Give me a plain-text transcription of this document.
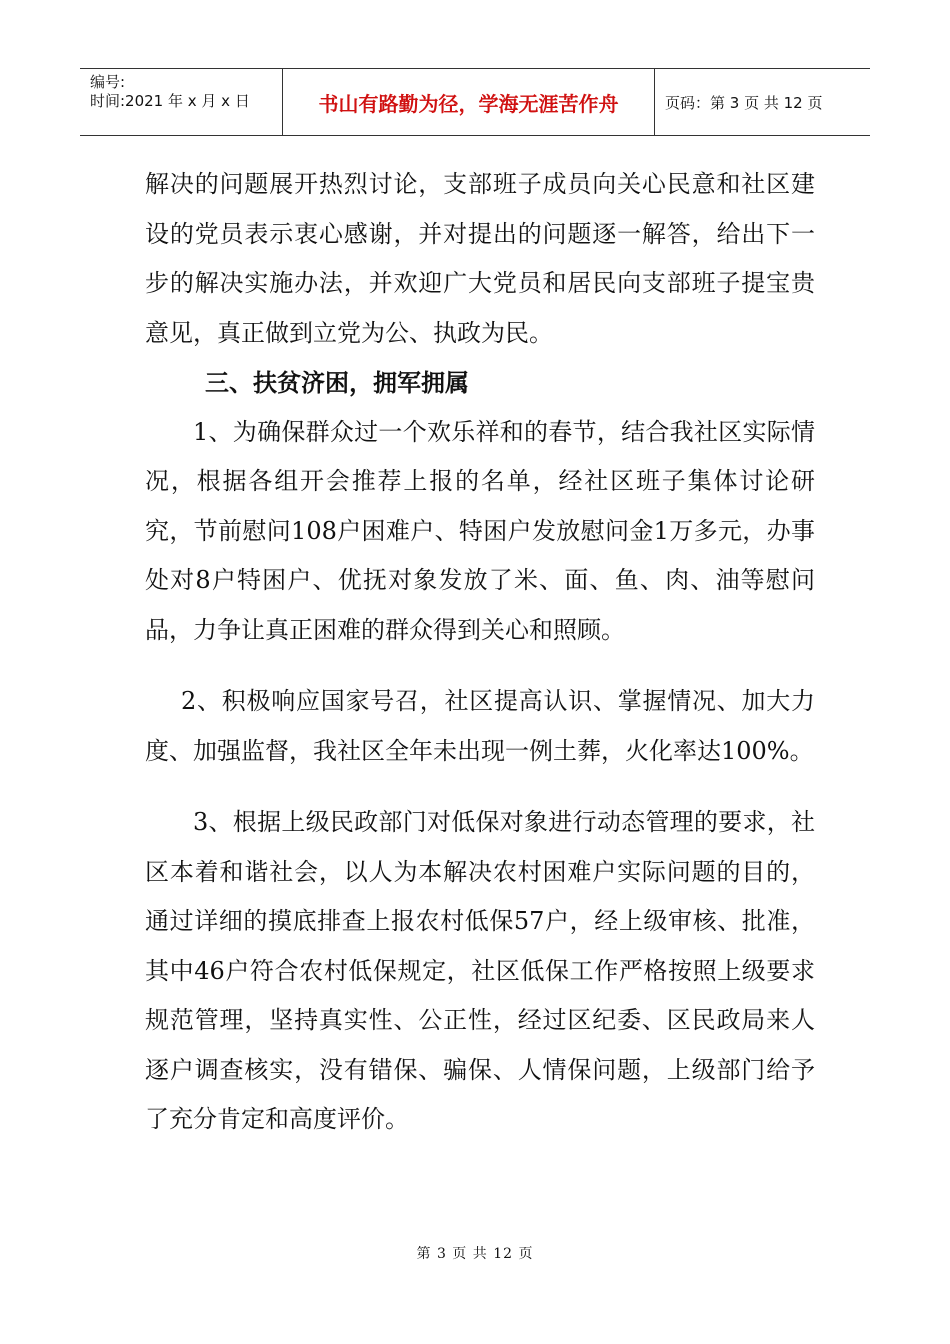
编号:
时间:2021 年 x 月 x 日	书山有路勤为径，学海无涯苦作舟	页码：第 3 页 共 12 页

解决的问题展开热烈讨论，支部班子成员向关心民意和社区建设的党员表示衷心感谢，并对提出的问题逐一解答，给出下一步的解决实施办法，并欢迎广大党员和居民向支部班子提宝贵意见，真正做到立党为公、执政为民。

三、扶贫济困，拥军拥属

1、为确保群众过一个欢乐祥和的春节，结合我社区实际情况，根据各组开会推荐上报的名单，经社区班子集体讨论研究，节前慰问108户困难户、特困户发放慰问金1万多元，办事处对8户特困户、优抚对象发放了米、面、鱼、肉、油等慰问品，力争让真正困难的群众得到关心和照顾。

2、积极响应国家号召，社区提高认识、掌握情况、加大力度、加强监督，我社区全年未出现一例土葬，火化率达100%。

3、根据上级民政部门对低保对象进行动态管理的要求，社区本着和谐社会，以人为本解决农村困难户实际问题的目的，通过详细的摸底排查上报农村低保57户，经上级审核、批准，其中46户符合农村低保规定，社区低保工作严格按照上级要求规范管理，坚持真实性、公正性，经过区纪委、区民政局来人逐户调查核实，没有错保、骗保、人情保问题，上级部门给予了充分肯定和高度评价。

第 3 页 共 12 页
